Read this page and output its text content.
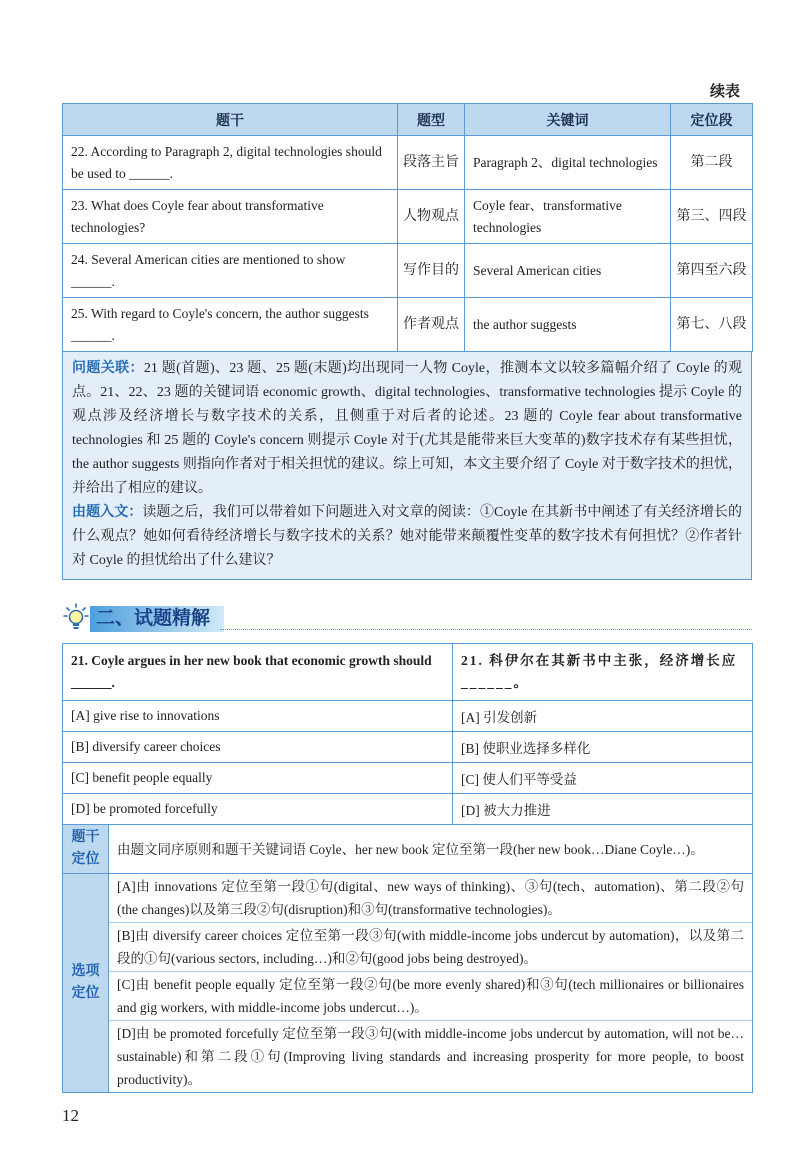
续表
题干	题型	关键词	定位段
22. According to Paragraph 2, digital technologies should be used to ______.	段落主旨	Paragraph 2、digital technologies	第二段
23. What does Coyle fear about transformative technologies?	人物观点	Coyle fear、transformative technologies	第三、四段
24. Several American cities are mentioned to show ______.	写作目的	Several American cities	第四至六段
25. With regard to Coyle's concern, the author suggests ______.	作者观点	the author suggests	第七、八段

问题关联：21 题(首题)、23 题、25 题(末题)均出现同一人物 Coyle，推测本文以较多篇幅介绍了 Coyle 的观点。21、22、23 题的关键词语 economic growth、digital technologies、transformative technologies 提示 Coyle 的观点涉及经济增长与数字技术的关系，且侧重于对后者的论述。23 题的 Coyle fear about transformative technologies 和 25 题的 Coyle's concern 则提示 Coyle 对于(尤其是能带来巨大变革的)数字技术存有某些担忧，the author suggests 则指向作者对于相关担忧的建议。综上可知，本文主要介绍了 Coyle 对于数字技术的担忧，并给出了相应的建议。

由题入文：读题之后，我们可以带着如下问题进入对文章的阅读：①Coyle 在其新书中阐述了有关经济增长的什么观点？她如何看待经济增长与数字技术的关系？她对能带来颠覆性变革的数字技术有何担忧？②作者针对 Coyle 的担忧给出了什么建议？

二、试题精解
21. Coyle argues in her new book that economic growth should ______.	21. 科伊尔在其新书中主张，经济增长应______。
[A] give rise to innovations	[A] 引发创新
[B] diversify career choices	[B] 使职业选择多样化
[C] benefit people equally	[C] 使人们平等受益
[D] be promoted forcefully	[D] 被大力推进
题干定位	由题文同序原则和题干关键词语 Coyle、her new book 定位至第一段(her new book…Diane Coyle…)。
选项定位	[A]由 innovations 定位至第一段①句(digital、new ways of thinking)、③句(tech、automation)、第二段②句(the changes)以及第三段②句(disruption)和③句(transformative technologies)。
[B]由 diversify career choices 定位至第一段③句(with middle-income jobs undercut by automation)，以及第二段的①句(various sectors, including…)和②句(good jobs being destroyed)。
[C]由 benefit people equally 定位至第一段②句(be more evenly shared)和③句(tech millionaires or billionaires and gig workers, with middle-income jobs undercut…)。
[D]由 be promoted forcefully 定位至第一段③句(with middle-income jobs undercut by automation, will not be…sustainable)和第二段①句(Improving living standards and increasing prosperity for more people, to boost productivity)。
12
